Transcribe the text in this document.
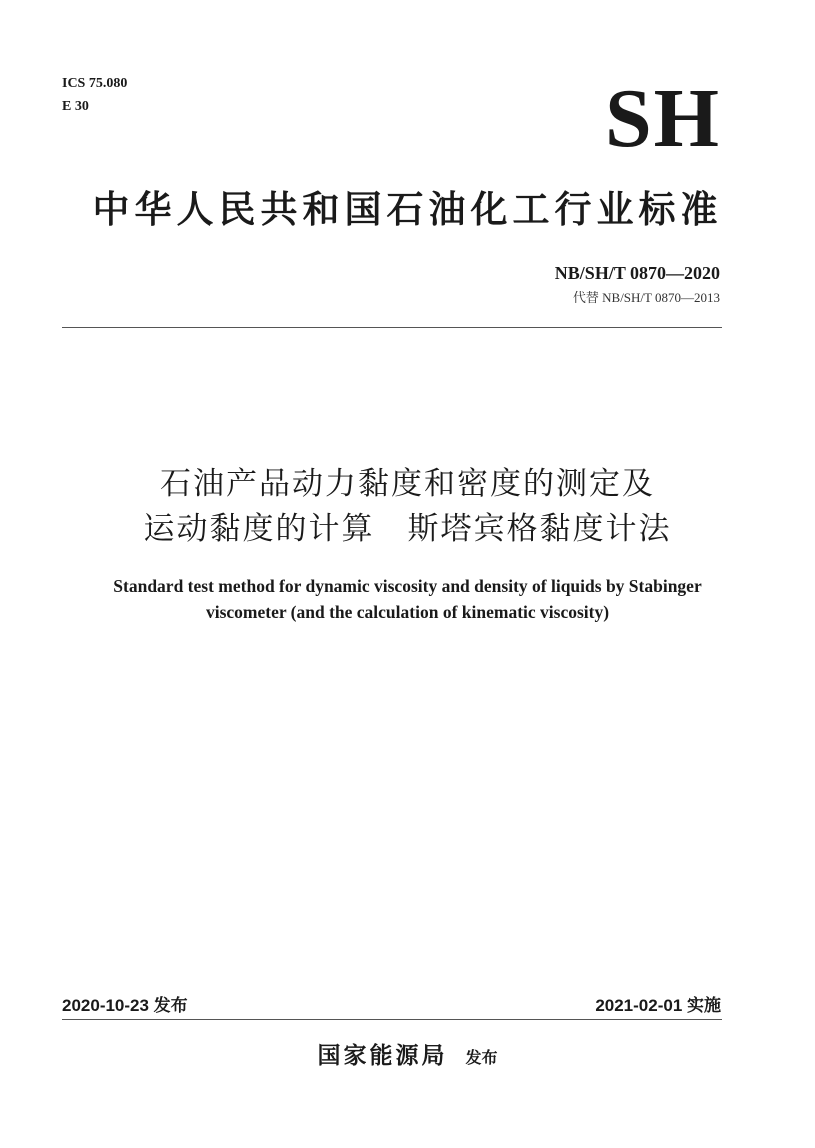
ICS 75.080
E 30	SH
中华人民共和国石油化工行业标准
NB/SH/T 0870—2020
代替 NB/SH/T 0870—2013
石油产品动力黏度和密度的测定及
运动黏度的计算　斯塔宾格黏度计法
Standard test method for dynamic viscosity and density of liquids by Stabinger
viscometer (and the calculation of kinematic viscosity)
2020-10-23 发布	2021-02-01 实施
国家能源局 发布
